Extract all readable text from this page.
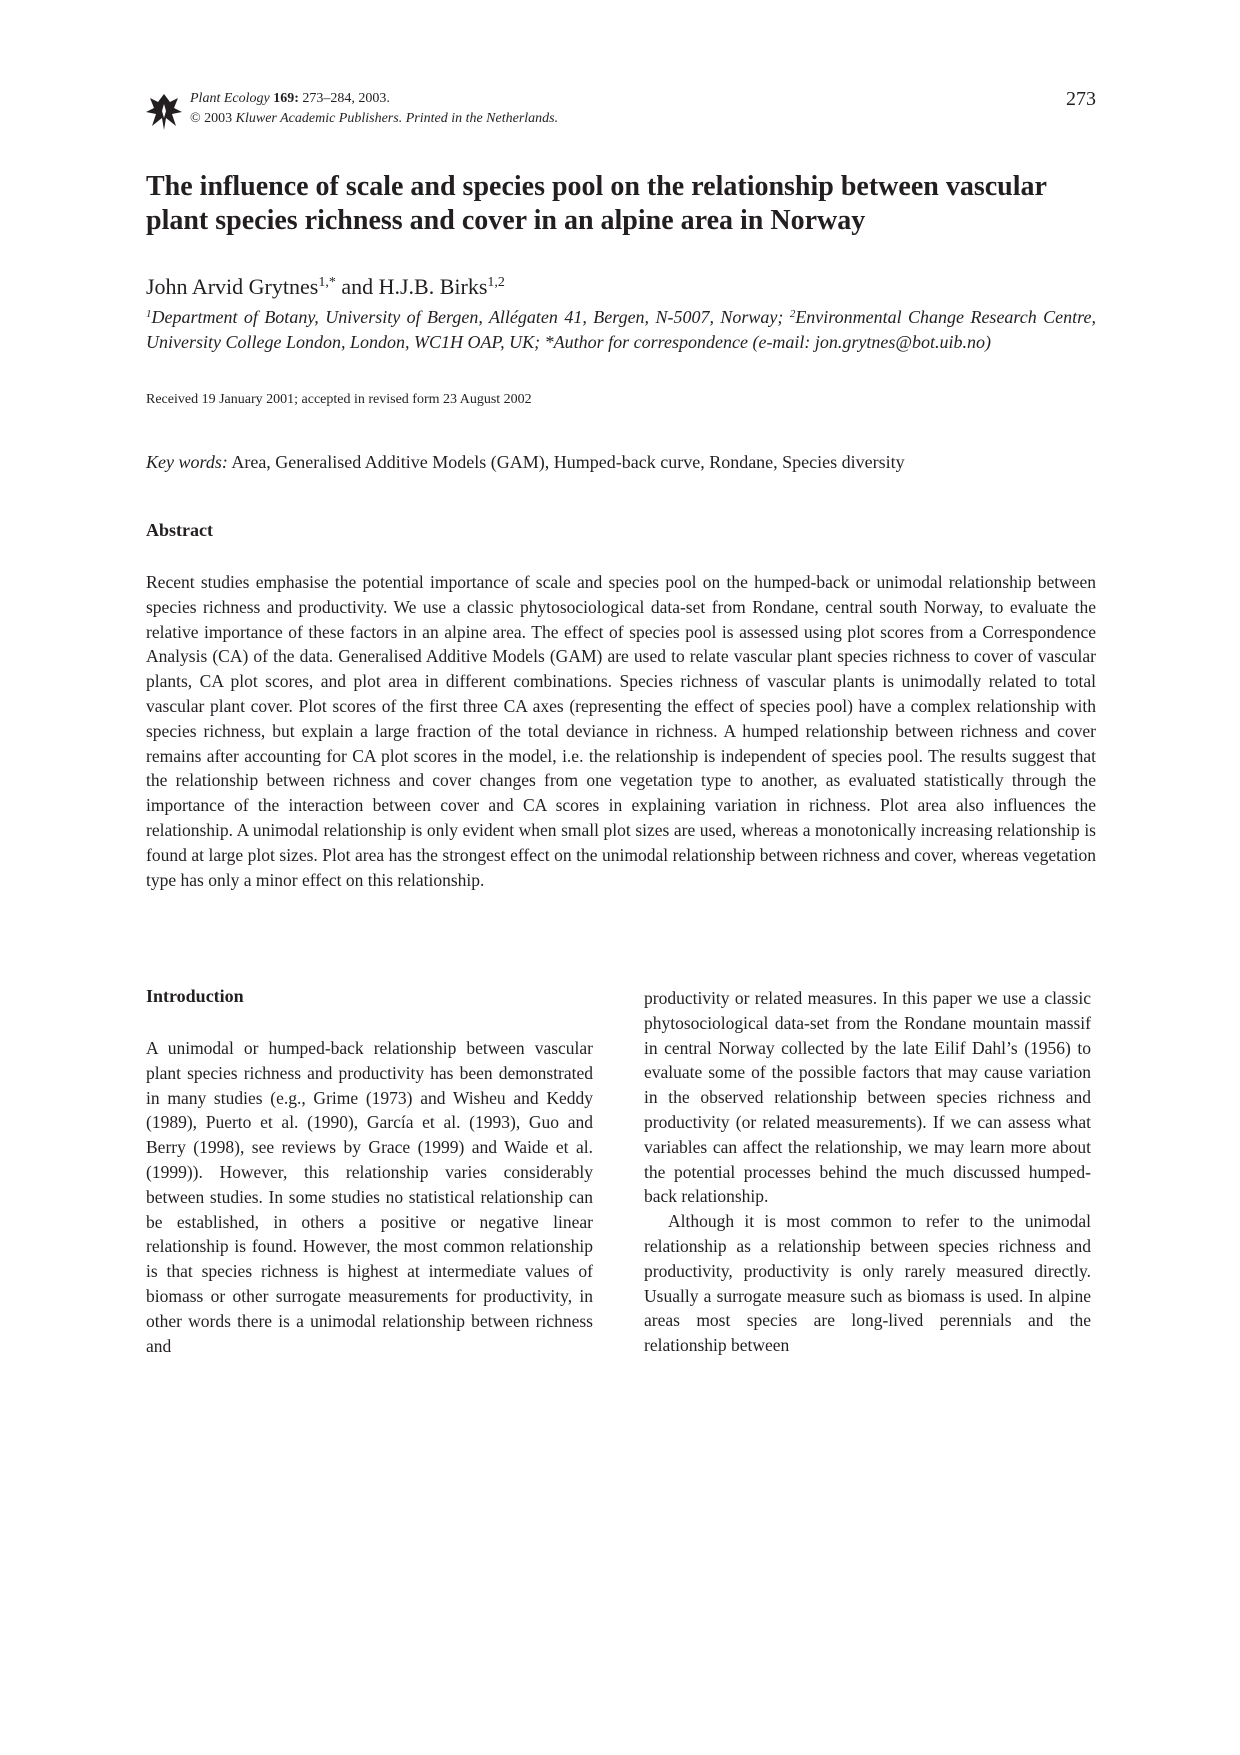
Plant Ecology 169: 273–284, 2003.
© 2003 Kluwer Academic Publishers. Printed in the Netherlands.
273
The influence of scale and species pool on the relationship between vascular plant species richness and cover in an alpine area in Norway
John Arvid Grytnes$^{1,*}$ and H.J.B. Birks$^{1,2}$
$^1$Department of Botany, University of Bergen, Allégaten 41, Bergen, N-5007, Norway; $^2$Environmental Change Research Centre, University College London, London, WC1H OAP, UK; *Author for correspondence (e-mail: jon.grytnes@bot.uib.no)
Received 19 January 2001; accepted in revised form 23 August 2002
Key words: Area, Generalised Additive Models (GAM), Humped-back curve, Rondane, Species diversity
Abstract

Recent studies emphasise the potential importance of scale and species pool on the humped-back or unimodal relationship between species richness and productivity. We use a classic phytosociological data-set from Rondane, central south Norway, to evaluate the relative importance of these factors in an alpine area. The effect of species pool is assessed using plot scores from a Correspondence Analysis (CA) of the data. Generalised Additive Models (GAM) are used to relate vascular plant species richness to cover of vascular plants, CA plot scores, and plot area in different combinations. Species richness of vascular plants is unimodally related to total vascular plant cover. Plot scores of the first three CA axes (representing the effect of species pool) have a complex relationship with species richness, but explain a large fraction of the total deviance in richness. A humped relationship between richness and cover remains after accounting for CA plot scores in the model, i.e. the relationship is independent of species pool. The results suggest that the relationship between richness and cover changes from one vegetation type to another, as evaluated statistically through the importance of the interaction between cover and CA scores in explaining variation in richness. Plot area also influences the relationship. A unimodal relationship is only evident when small plot sizes are used, whereas a monotonically increasing relationship is found at large plot sizes. Plot area has the strongest effect on the unimodal relationship between richness and cover, whereas vegetation type has only a minor effect on this relationship.

Introduction

A unimodal or humped-back relationship between vascular plant species richness and productivity has been demonstrated in many studies (e.g., Grime (1973) and Wisheu and Keddy (1989), Puerto et al. (1990), García et al. (1993), Guo and Berry (1998), see reviews by Grace (1999) and Waide et al. (1999)). However, this relationship varies considerably between studies. In some studies no statistical relationship can be established, in others a positive or negative linear relationship is found. However, the most common relationship is that species richness is highest at intermediate values of biomass or other surrogate measurements for productivity, in other words there is a unimodal relationship between richness and

productivity or related measures. In this paper we use a classic phytosociological data-set from the Rondane mountain massif in central Norway collected by the late Eilif Dahl’s (1956) to evaluate some of the possible factors that may cause variation in the observed relationship between species richness and productivity (or related measurements). If we can assess what variables can affect the relationship, we may learn more about the potential processes behind the much discussed humped-back relationship.

Although it is most common to refer to the unimodal relationship as a relationship between species richness and productivity, productivity is only rarely measured directly. Usually a surrogate measure such as biomass is used. In alpine areas most species are long-lived perennials and the relationship between
